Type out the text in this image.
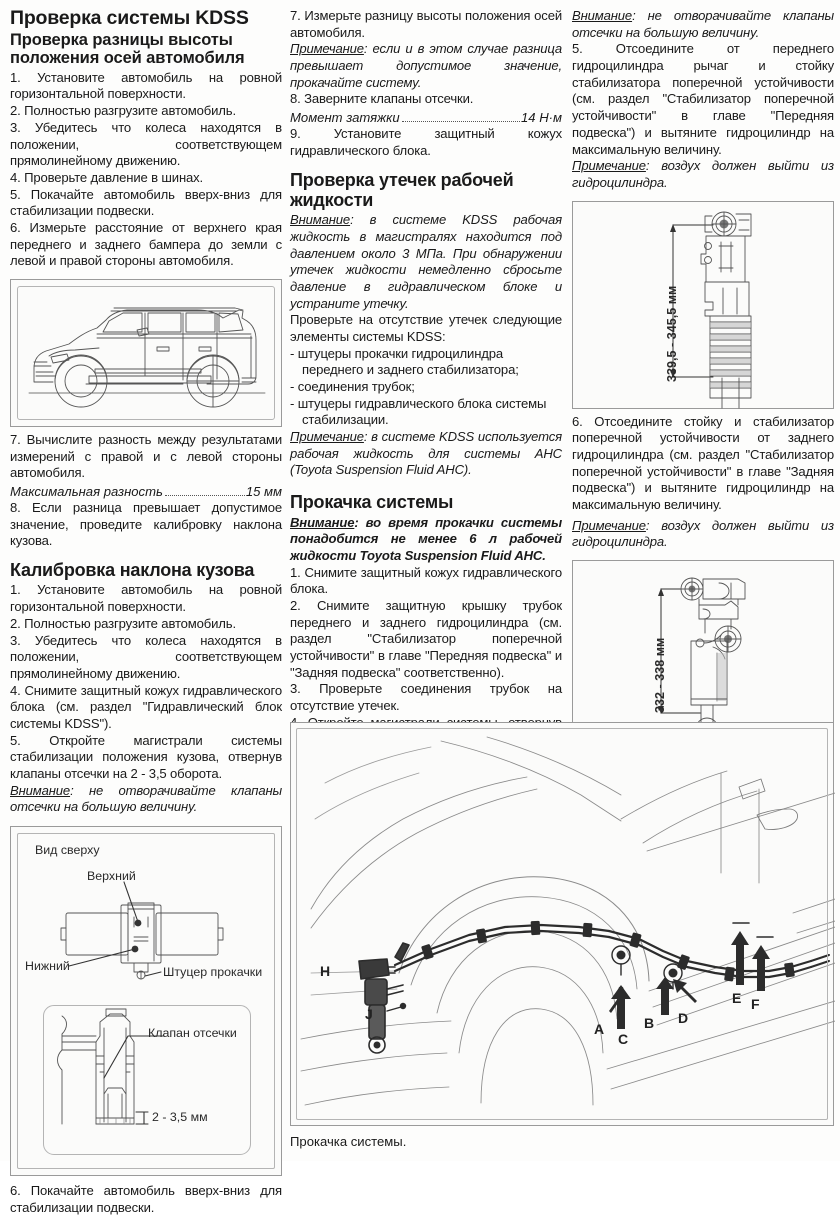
Проверка системы KDSS
Проверка разницы высоты положения осей автомобиля

1. Установите автомобиль на ровной горизонтальной поверхности.

2. Полностью разгрузите автомобиль.

3. Убедитесь что колеса находятся в положении, соответствующем прямолинейному движению.

4. Проверьте давление в шинах.

5. Покачайте автомобиль вверх-вниз для стабилизации подвески.

6. Измерьте расстояние от верхнего края переднего и заднего бампера до земли с левой и правой стороны автомобиля.

7. Вычислите разность между результатами измерений с правой и с левой стороны автомобиля.

Максимальная разность	15 мм

8. Если разница превышает допустимое значение, проведите калибровку наклона кузова.

Калибровка наклона кузова

1. Установите автомобиль на ровной горизонтальной поверхности.

2. Полностью разгрузите автомобиль.

3. Убедитесь что колеса находятся в положении, соответствующем прямолинейному движению.

4. Снимите защитный кожух гидравлического блока (см. раздел "Гидравлический блок системы KDSS").

5. Откройте магистрали системы стабилизации положения кузова, отвернув клапаны отсечки на 2 - 3,5 оборота.

Внимание: не отворачивайте клапаны отсечки на большую величину.

Вид сверху
Верхний
Нижний	Штуцер прокачки
Клапан отсечки
2 - 3,5 мм

6. Покачайте автомобиль вверх-вниз для стабилизации подвески.

7. Измерьте разницу высоты положения осей автомобиля.

Примечание: если и в этом случае разница превышает допустимое значение, прокачайте систему.

8. Заверните клапаны отсечки.

Момент затяжки	14 Н·м

9. Установите защитный кожух гидравлического блока.

Проверка утечек рабочей жидкости

Внимание: в системе KDSS рабочая жидкость в магистралях находится под давлением около 3 МПа. При обнаружении утечек жидкости немедленно сбросьте давление в гидравлическом блоке и устраните утечку.

Проверьте на отсутствие утечек следующие элементы системы KDSS:

- штуцеры прокачки гидроцилиндра переднего и заднего стабилизатора;

- соединения трубок;

- штуцеры гидравлического блока системы стабилизации.

Примечание: в системе KDSS используется рабочая жидкость для системы AHC (Toyota Suspension Fluid AHC).

Прокачка системы

Внимание: во время прокачки системы понадобится не менее 6 л рабочей жидкости Toyota Suspension Fluid AHC.

1. Снимите защитный кожух гидравлического блока.

2. Снимите защитную крышку трубок переднего и заднего гидроцилиндра (см. раздел "Стабилизатор поперечной устойчивости" в главе "Передняя подвеска" и "Задняя подвеска" соответственно).

3. Проверьте соединения трубок на отсутствие утечек.

Внимание: не отворачивайте клапаны отсечки на большую величину.

5. Отсоедините от переднего гидроцилиндра рычаг и стойку стабилизатора поперечной устойчивости (см. раздел "Стабилизатор поперечной устойчивости" в главе "Передняя подвеска") и вытяните гидроцилиндр на максимальную величину.

Примечание: воздух должен выйти из гидроцилиндра.

339,5 - 345,5 мм

6. Отсоедините стойку и стабилизатор поперечной устойчивости от заднего гидроцилиндра (см. раздел "Стабилизатор поперечной устойчивости" в главе "Задняя подвеска") и вытяните гидроцилиндр на максимальную величину.

Примечание: воздух должен выйти из гидроцилиндра.

332 - 338 мм
H
J
A	B
C
D
E F

Прокачка системы.
